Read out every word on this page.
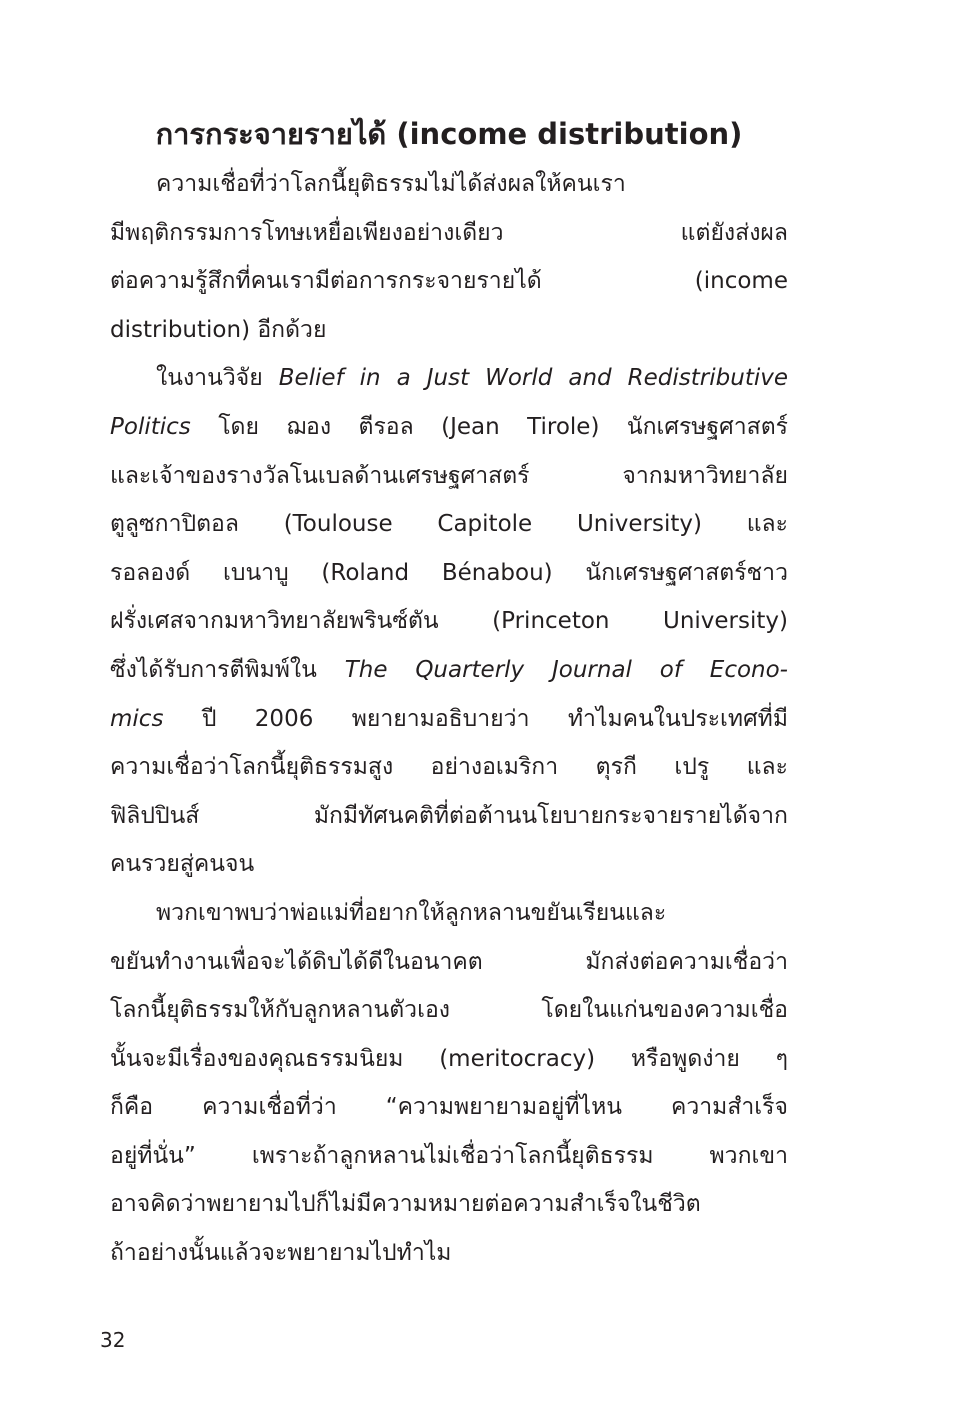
การกระจายรายได้ (income distribution)
ความเชื่อที่ว่าโลกนี้ยุติธรรมไม่ได้ส่งผลให้คนเรา
มีพฤติกรรมการโทษเหยื่อเพียงอย่างเดียว แต่ยังส่งผล
ต่อความรู้สึกที่คนเรามีต่อการกระจายรายได้ (income
distribution) อีกด้วย
ในงานวิจัย Belief in a Just World and Redistributive
Politics โดย ฌอง ตีรอล (Jean Tirole) นักเศรษฐศาสตร์
และเจ้าของรางวัลโนเบลด้านเศรษฐศาสตร์ จากมหาวิทยาลัย
ตูลูซกาปิตอล (Toulouse Capitole University) และ
รอลองด์ เบนาบู (Roland Bénabou) นักเศรษฐศาสตร์ชาว
ฝรั่งเศสจากมหาวิทยาลัยพรินซ์ตัน (Princeton University)
ซึ่งได้รับการตีพิมพ์ใน The Quarterly Journal of Econo-
mics ปี 2006 พยายามอธิบายว่า ทำไมคนในประเทศที่มี
ความเชื่อว่าโลกนี้ยุติธรรมสูง อย่างอเมริกา ตุรกี เปรู และ
ฟิลิปปินส์ มักมีทัศนคติที่ต่อต้านนโยบายกระจายรายได้จาก
คนรวยสู่คนจน
พวกเขาพบว่าพ่อแม่ที่อยากให้ลูกหลานขยันเรียนและ
ขยันทำงานเพื่อจะได้ดิบได้ดีในอนาคต มักส่งต่อความเชื่อว่า
โลกนี้ยุติธรรมให้กับลูกหลานตัวเอง โดยในแก่นของความเชื่อ
นั้นจะมีเรื่องของคุณธรรมนิยม (meritocracy) หรือพูดง่าย ๆ
ก็คือ ความเชื่อที่ว่า “ความพยายามอยู่ที่ไหน ความสำเร็จ
อยู่ที่นั่น” เพราะถ้าลูกหลานไม่เชื่อว่าโลกนี้ยุติธรรม พวกเขา
อาจคิดว่าพยายามไปก็ไม่มีความหมายต่อความสำเร็จในชีวิต
ถ้าอย่างนั้นแล้วจะพยายามไปทำไม
32
